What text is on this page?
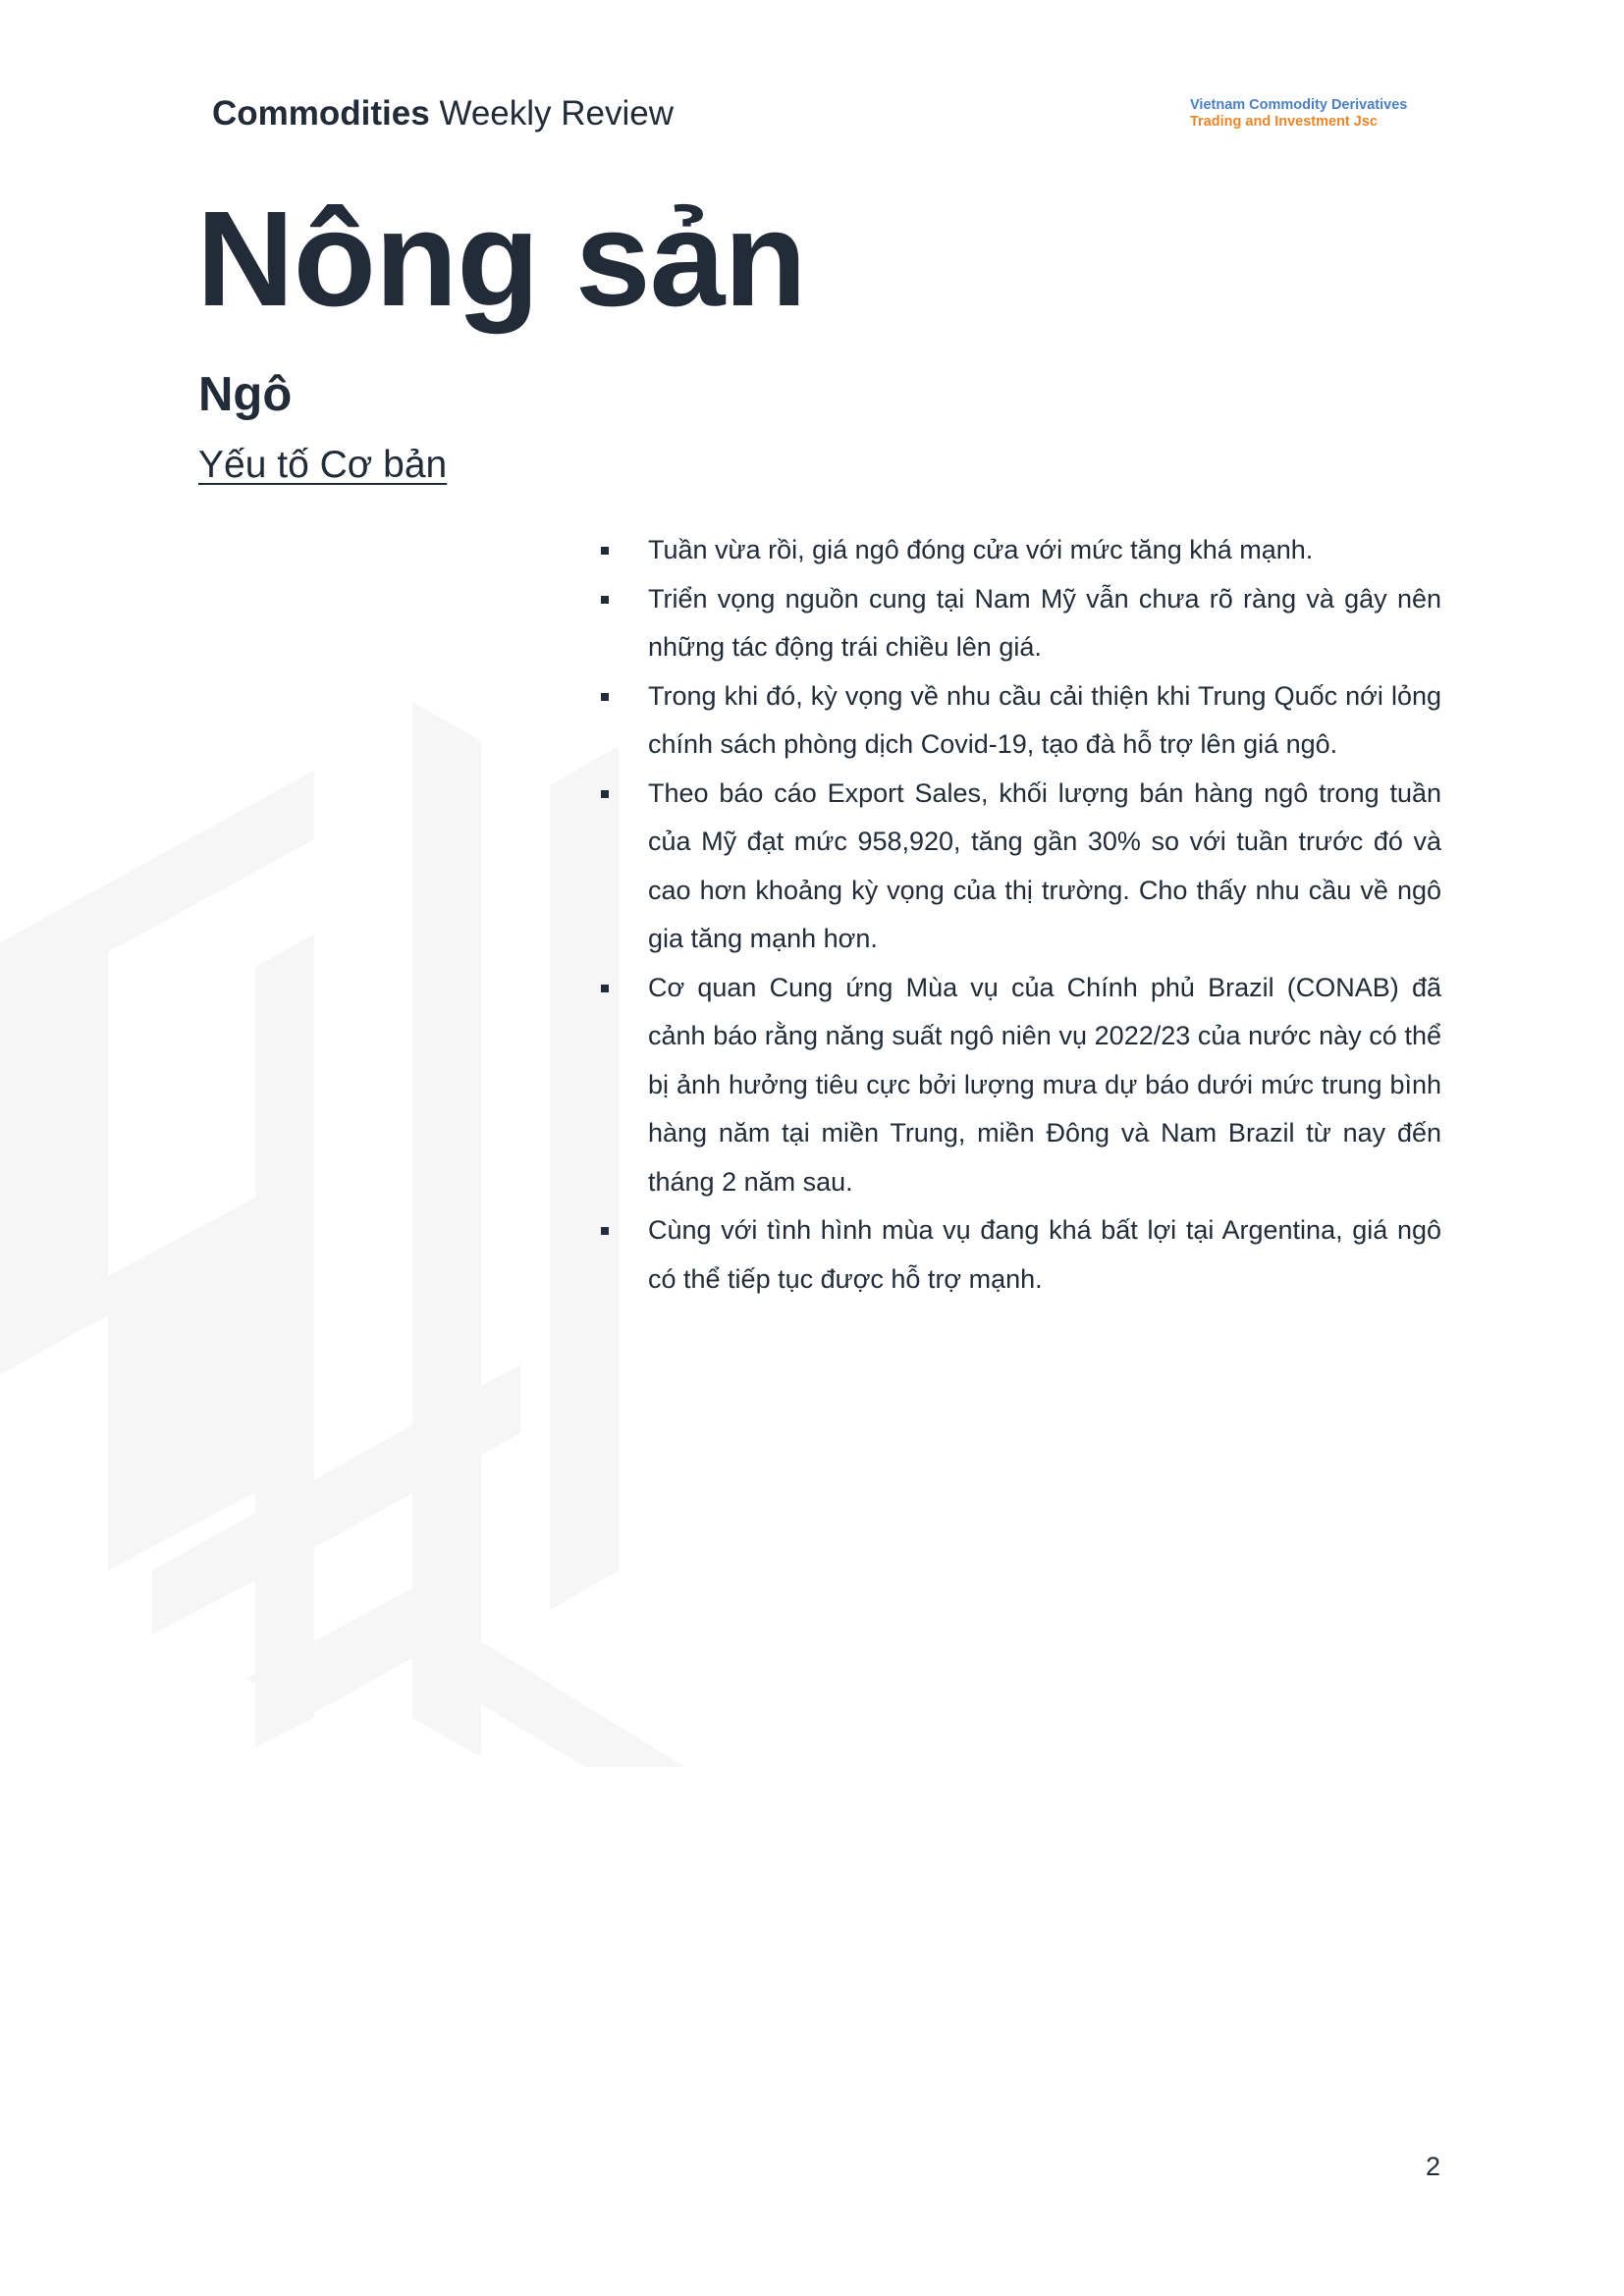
Commodities Weekly Review	Vietnam Commodity Derivatives
Trading and Investment Jsc
Nông sản
Ngô
Yếu tố Cơ bản
Tuần vừa rồi, giá ngô đóng cửa với mức tăng khá mạnh.
Triển vọng nguồn cung tại Nam Mỹ vẫn chưa rõ ràng và gây nên những tác động trái chiều lên giá.
Trong khi đó, kỳ vọng về nhu cầu cải thiện khi Trung Quốc nới lỏng chính sách phòng dịch Covid-19, tạo đà hỗ trợ lên giá ngô.
Theo báo cáo Export Sales, khối lượng bán hàng ngô trong tuần của Mỹ đạt mức 958,920, tăng gần 30% so với tuần trước đó và cao hơn khoảng kỳ vọng của thị trường. Cho thấy nhu cầu về ngô gia tăng mạnh hơn.
Cơ quan Cung ứng Mùa vụ của Chính phủ Brazil (CONAB) đã cảnh báo rằng năng suất ngô niên vụ 2022/23 của nước này có thể bị ảnh hưởng tiêu cực bởi lượng mưa dự báo dưới mức trung bình hàng năm tại miền Trung, miền Đông và Nam Brazil từ nay đến tháng 2 năm sau.
Cùng với tình hình mùa vụ đang khá bất lợi tại Argentina, giá ngô có thể tiếp tục được hỗ trợ mạnh.
2
